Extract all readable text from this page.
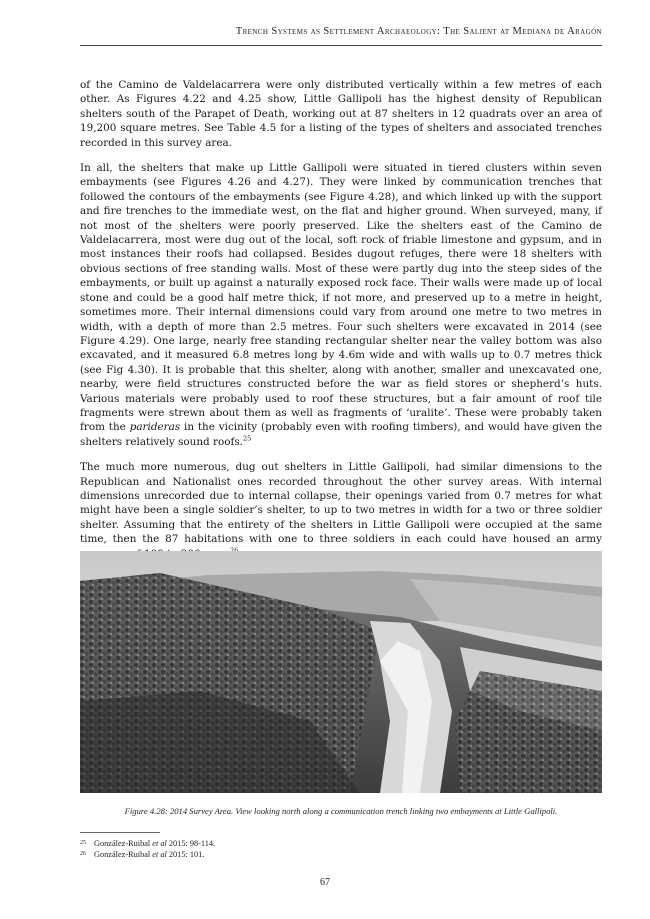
Trench Systems as Settlement Archaeology: The Salient at Mediana de Aragón

of the Camino de Valdelacarrera were only distributed vertically within a few metres of each other. As Figures 4.22 and 4.25 show, Little Gallipoli has the highest density of Republican shelters south of the Parapet of Death, working out at 87 shelters in 12 quadrats over an area of 19,200 square metres. See Table 4.5 for a listing of the types of shelters and associated trenches recorded in this survey area.

In all, the shelters that make up Little Gallipoli were situated in tiered clusters within seven embayments (see Figures 4.26 and 4.27). They were linked by communication trenches that followed the contours of the embayments (see Figure 4.28), and which linked up with the support and fire trenches to the immediate west, on the flat and higher ground. When surveyed, many, if not most of the shelters were poorly preserved. Like the shelters east of the Camino de Valdelacarrera, most were dug out of the local, soft rock of friable limestone and gypsum, and in most instances their roofs had collapsed. Besides dugout refuges, there were 18 shelters with obvious sections of free standing walls. Most of these were partly dug into the steep sides of the embayments, or built up against a naturally exposed rock face. Their walls were made up of local stone and could be a good half metre thick, if not more, and preserved up to a metre in height, sometimes more. Their internal dimensions could vary from around one metre to two metres in width, with a depth of more than 2.5 metres. Four such shelters were excavated in 2014 (see Figure 4.29). One large, nearly free standing rectangular shelter near the valley bottom was also excavated, and it measured 6.8 metres long by 4.6m wide and with walls up to 0.7 metres thick (see Fig 4.30). It is probable that this shelter, along with another, smaller and unexcavated one, nearby, were field structures constructed before the war as field stores or shepherd’s huts. Various materials were probably used to roof these structures, but a fair amount of roof tile fragments were strewn about them as well as fragments of ‘uralite’. These were probably taken from the parideras in the vicinity (probably even with roofing timbers), and would have given the shelters relatively sound roofs.$^{25}$

The much more numerous, dug out shelters in Little Gallipoli, had similar dimensions to the Republican and Nationalist ones recorded throughout the other survey areas. With internal dimensions unrecorded due to internal collapse, their openings varied from 0.7 metres for what might have been a single soldier’s shelter, to up to two metres in width for a two or three soldier shelter. Assuming that the entirety of the shelters in Little Gallipoli were occupied at the same time, then the 87 habitations with one to three soldiers in each could have housed an army

Figure 4.28: 2014 Survey Area. View looking north along a communication trench linking two embayments at Little Gallipoli.
25 González-Ruibal et al 2015: 98-114.
26 González-Ruibal et al 2015: 101.
67
